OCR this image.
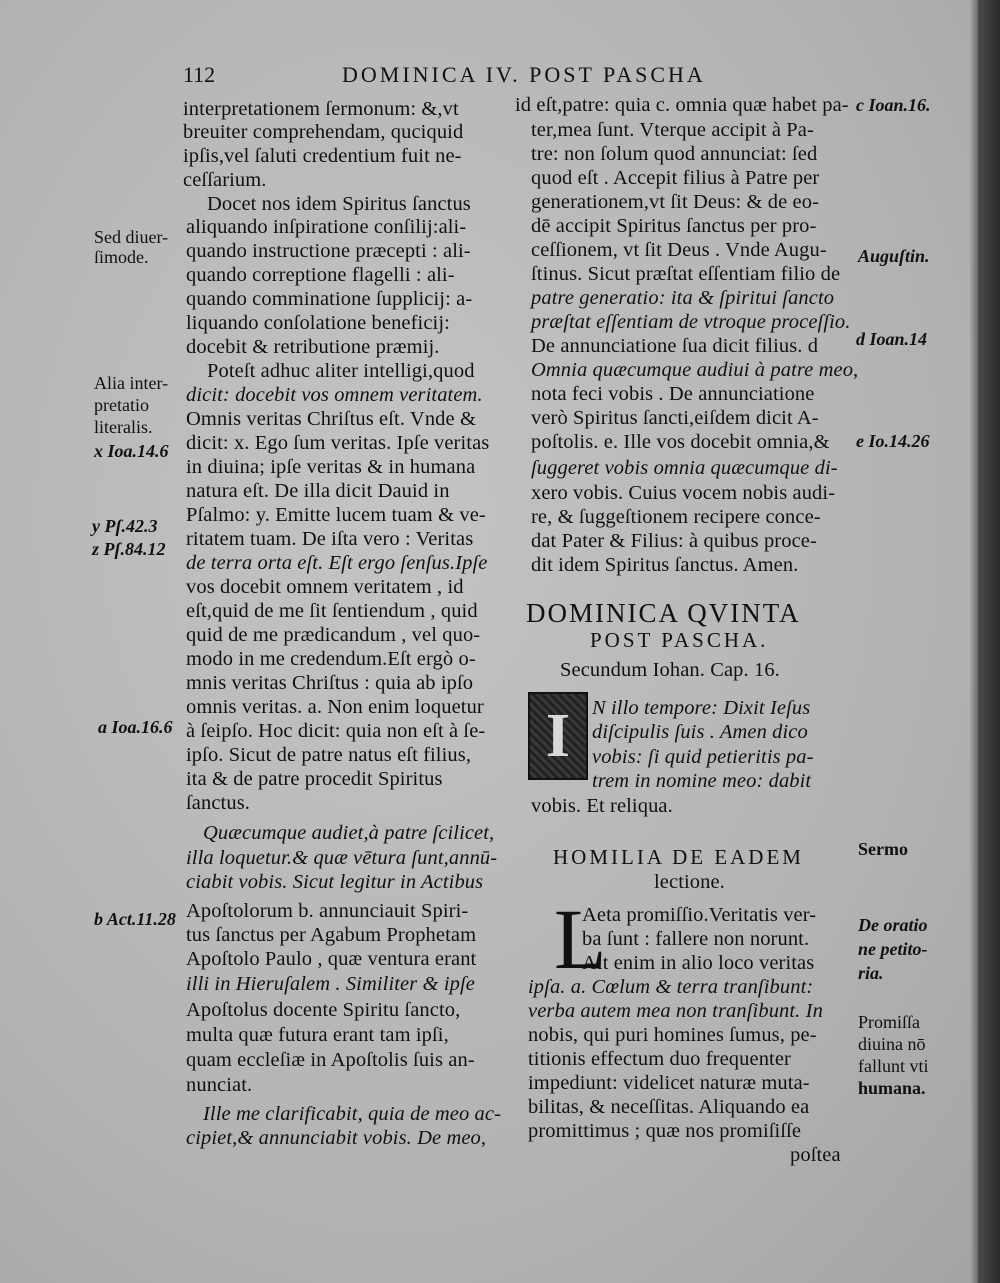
112	DOMINICA IV. POST PASCHA
interpretationem ſermonum: &,vt
breuiter comprehendam, quciquid
ipſis,vel ſaluti credentium fuit ne-
ceſſarium.
Docet nos idem Spiritus ſanctus
aliquando inſpiratione conſilij:ali-
quando instructione præcepti : ali-
quando correptione flagelli : ali-
quando comminatione ſupplicij: a-
liquando conſolatione beneficij:
docebit & retributione præmij.
Poteſt adhuc aliter intelligi,quod
dicit: docebit vos omnem veritatem.
Omnis veritas Chriſtus eſt. Vnde &
dicit: x. Ego ſum veritas. Ipſe veritas
in diuina; ipſe veritas & in humana
natura eſt. De illa dicit Dauid in
Pſalmo: y. Emitte lucem tuam & ve-
ritatem tuam. De iſta vero : Veritas
de terra orta eſt. Eſt ergo ſenſus.Ipſe
vos docebit omnem veritatem , id
eſt,quid de me ſit ſentiendum , quid
quid de me prædicandum , vel quo-
modo in me credendum.Eſt ergò o-
mnis veritas Chriſtus : quia ab ipſo
omnis veritas. a. Non enim loquetur
à ſeipſo. Hoc dicit: quia non eſt à ſe-
ipſo. Sicut de patre natus eſt filius,
ita & de patre procedit Spiritus
ſanctus.
Quæcumque audiet,à patre ſcilicet,
illa loquetur.& quæ vētura ſunt,annū-
ciabit vobis. Sicut legitur in Actibus
Apoſtolorum b. annunciauit Spiri-
tus ſanctus per Agabum Prophetam
Apoſtolo Paulo , quæ ventura erant
illi in Hieruſalem . Similiter & ipſe
Apoſtolus docente Spiritu ſancto,
multa quæ futura erant tam ipſi,
quam eccleſiæ in Apoſtolis ſuis an-
nunciat.
Ille me clarificabit, quia de meo ac-
cipiet,& annunciabit vobis. De meo,
Sed diuer-
ſimode.
Alia inter-
pretatio
literalis.
x Ioa.14.6
y Pſ.42.3
z Pſ.84.12
a Ioa.16.6
b Act.11.28
id eſt,patre: quia c. omnia quæ habet pa-
ter,mea ſunt. Vterque accipit à Pa-
tre: non ſolum quod annunciat: ſed
quod eſt . Accepit filius à Patre per
generationem,vt ſit Deus: & de eo-
dē accipit Spiritus ſanctus per pro-
ceſſionem, vt ſit Deus . Vnde Augu-
ſtinus. Sicut præſtat eſſentiam filio de
patre generatio: ita & ſpiritui ſancto
præſtat eſſentiam de vtroque proceſſio.
De annunciatione ſua dicit filius. d
Omnia quæcumque audiui à patre meo,
nota feci vobis . De annunciatione
verò Spiritus ſancti,eiſdem dicit A-
poſtolis. e. Ille vos docebit omnia,&
ſuggeret vobis omnia quæcumque di-
xero vobis. Cuius vocem nobis audi-
re, & ſuggeſtionem recipere conce-
dat Pater & Filius: à quibus proce-
dit idem Spiritus ſanctus. Amen.
DOMINICA QVINTA
POST PASCHA.
Secundum Iohan. Cap. 16.
I	N illo tempore: Dixit Ieſus
diſcipulis ſuis . Amen dico
vobis: ſi quid petieritis pa-
trem in nomine meo: dabit
vobis. Et reliqua.
HOMILIA DE EADEM
lectione.
L
Aeta promiſſio.Veritatis ver-
ba ſunt : fallere non norunt.
Ait enim in alio loco veritas
ipſa. a. Cœlum & terra tranſibunt:
verba autem mea non tranſibunt. In
nobis, qui puri homines ſumus, pe-
titionis effectum duo frequenter
impediunt: videlicet naturæ muta-
bilitas, & neceſſitas. Aliquando ea
promittimus ; quæ nos promiſiſſe
poſtea
c Ioan.16.
Auguſtin.
d Ioan.14
e Io.14.26
Sermo
De oratio
ne petito-
ria.
Promiſſa
diuina nō
fallunt vti
humana.
